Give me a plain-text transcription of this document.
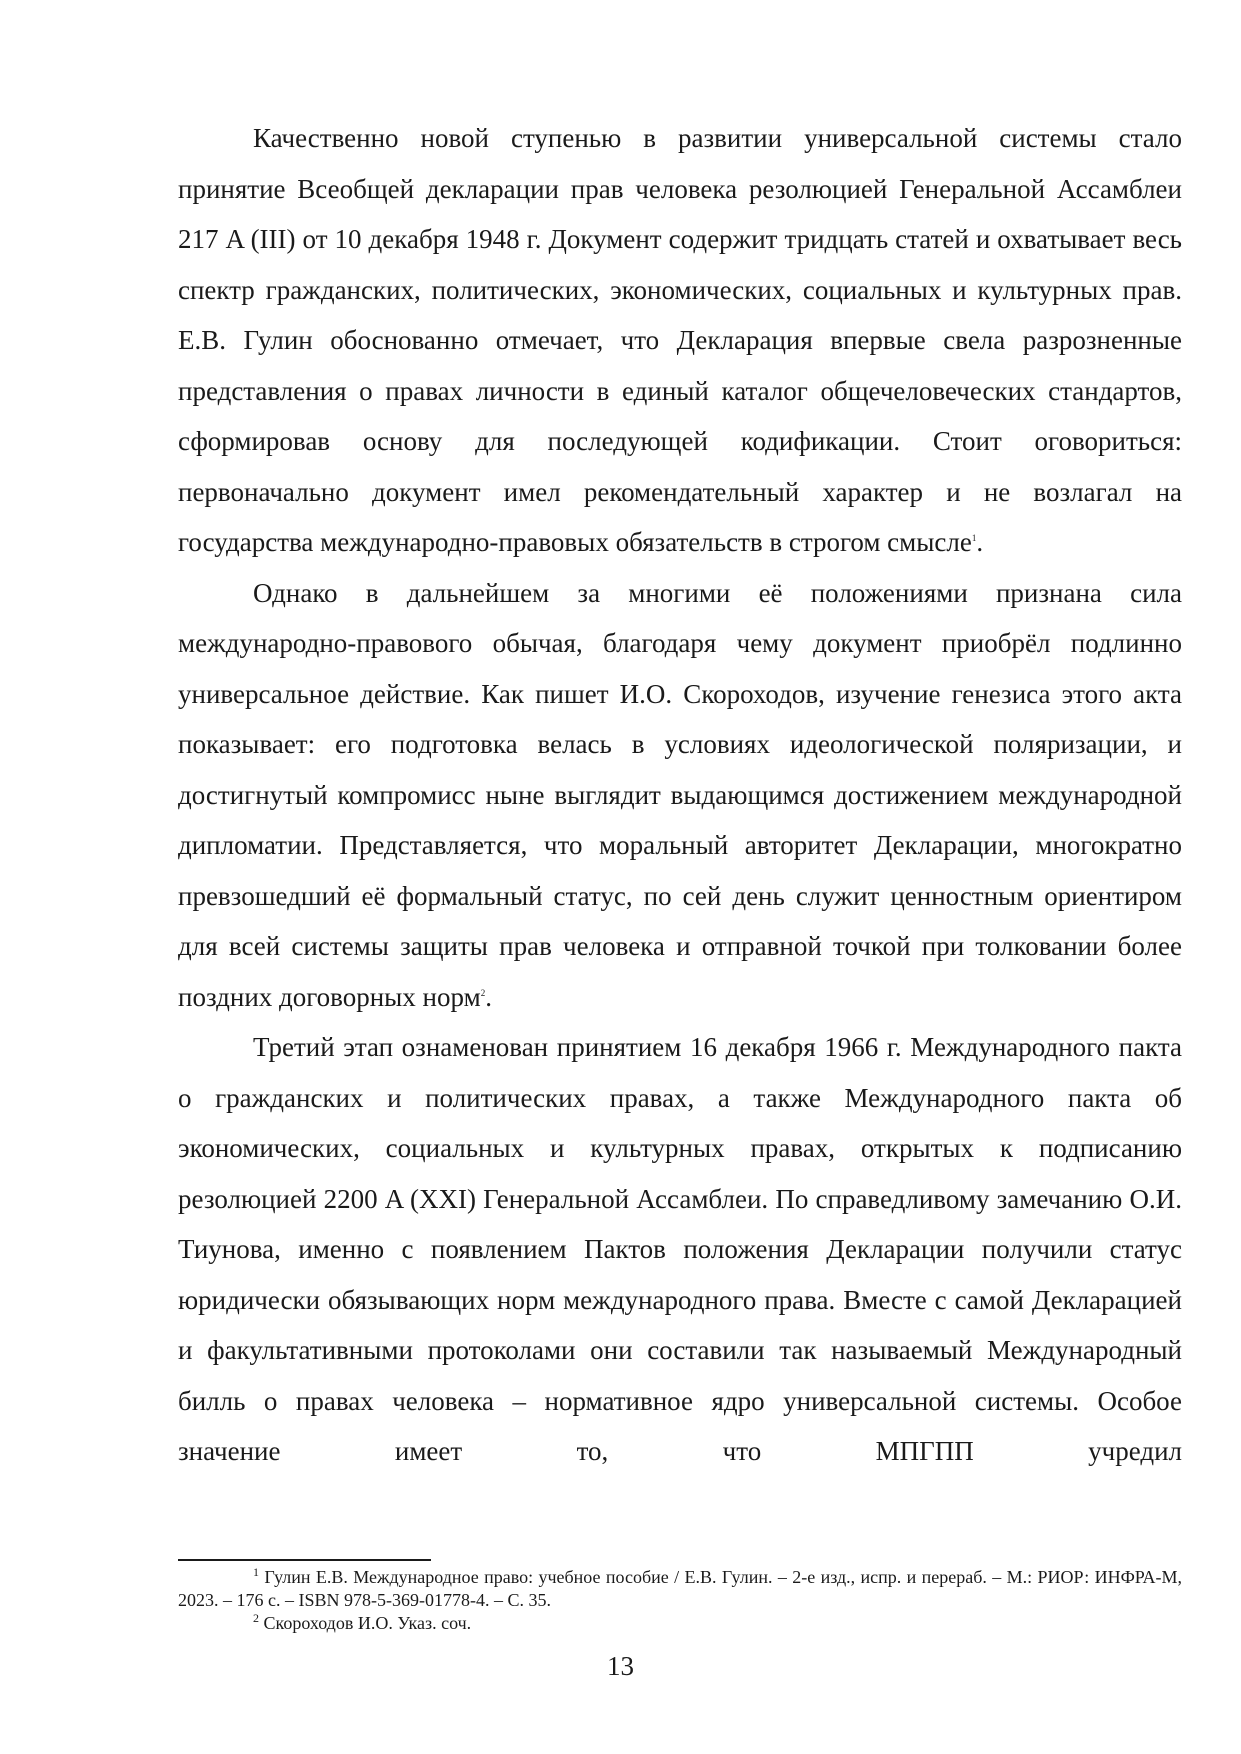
Качественно новой ступенью в развитии универсальной системы стало принятие Всеобщей декларации прав человека резолюцией Генеральной Ассамблеи 217 A (III) от 10 декабря 1948 г. Документ содержит тридцать статей и охватывает весь спектр гражданских, политических, экономических, социальных и культурных прав. Е.В. Гулин обоснованно отмечает, что Декларация впервые свела разрозненные представления о правах личности в единый каталог общечеловеческих стандартов, сформировав основу для последующей кодификации. Стоит оговориться: первоначально документ имел рекомендательный характер и не возлагал на государства международно-правовых обязательств в строгом смысле$^1$.

Однако в дальнейшем за многими её положениями признана сила международно-правового обычая, благодаря чему документ приобрёл подлинно универсальное действие. Как пишет И.О. Скороходов, изучение генезиса этого акта показывает: его подготовка велась в условиях идеологической поляризации, и достигнутый компромисс ныне выглядит выдающимся достижением международной дипломатии. Представляется, что моральный авторитет Декларации, многократно превзошедший её формальный статус, по сей день служит ценностным ориентиром для всей системы защиты прав человека и отправной точкой при толковании более поздних договорных норм$^2$.

Третий этап ознаменован принятием 16 декабря 1966 г. Международного пакта о гражданских и политических правах, а также Международного пакта об экономических, социальных и культурных правах, открытых к подписанию резолюцией 2200 A (XXI) Генеральной Ассамблеи. По справедливому замечанию О.И. Тиунова, именно с появлением Пактов положения Декларации получили статус юридически обязывающих норм международного права. Вместе с самой Декларацией и факультативными протоколами они составили так называемый Международный билль о правах человека – нормативное ядро универсальной системы. Особое значение имеет то, что МПГПП учредил

$^1$ Гулин Е.В. Международное право: учебное пособие / Е.В. Гулин. – 2-е изд., испр. и перераб. – М.: РИОР: ИНФРА-М, 2023. – 176 с. – ISBN 978-5-369-01778-4. – С. 35.

$^2$ Скороходов И.О. Указ. соч.

13
